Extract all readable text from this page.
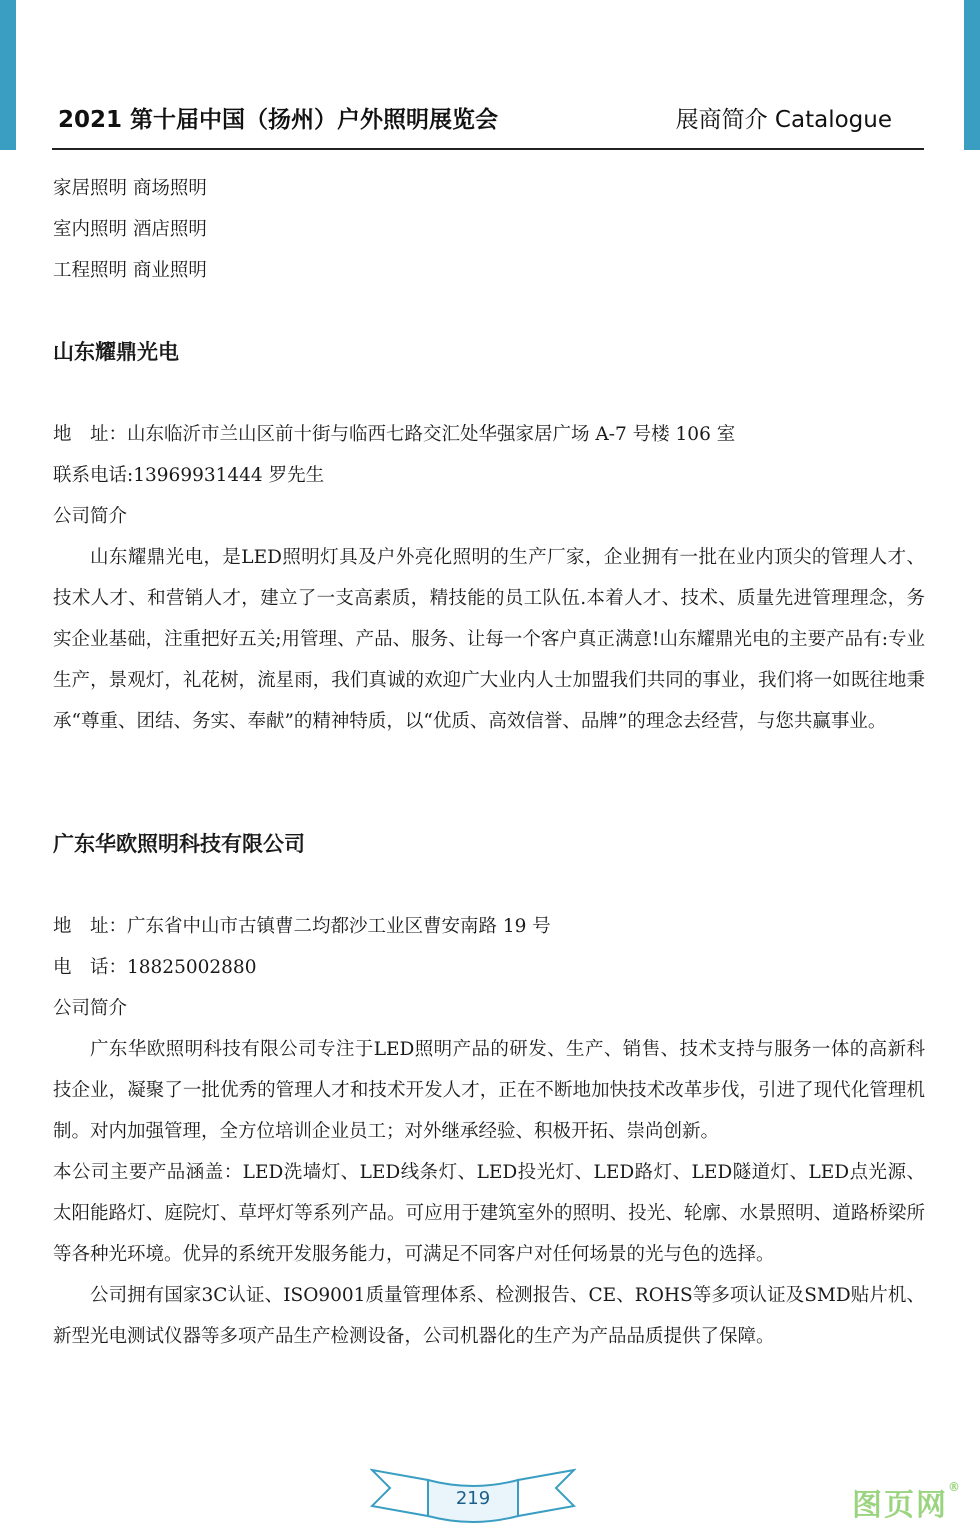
2021 第十届中国（扬州）户外照明展览会	展商简介 Catalogue
家居照明 商场照明
室内照明 酒店照明
工程照明 商业照明
山东耀鼎光电
地　址：山东临沂市兰山区前十街与临西七路交汇处华强家居广场 A-7 号楼 106 室
联系电话:13969931444 罗先生
公司简介

山东耀鼎光电，是LED照明灯具及户外亮化照明的生产厂家，企业拥有一批在业内顶尖的管理人才、技术人才、和营销人才，建立了一支高素质，精技能的员工队伍.本着人才、技术、质量先进管理理念，务实企业基础，注重把好五关;用管理、产品、服务、让每一个客户真正满意!山东耀鼎光电的主要产品有:专业生产，景观灯，礼花树，流星雨，我们真诚的欢迎广大业内人士加盟我们共同的事业，我们将一如既往地秉承“尊重、团结、务实、奉献”的精神特质，以“优质、高效信誉、品牌”的理念去经营，与您共赢事业。

广东华欧照明科技有限公司
地　址：广东省中山市古镇曹二均都沙工业区曹安南路 19 号
电　话：18825002880
公司简介

广东华欧照明科技有限公司专注于LED照明产品的研发、生产、销售、技术支持与服务一体的高新科技企业，凝聚了一批优秀的管理人才和技术开发人才，正在不断地加快技术改革步伐，引进了现代化管理机制。对内加强管理，全方位培训企业员工；对外继承经验、积极开拓、崇尚创新。

本公司主要产品涵盖：LED洗墙灯、LED线条灯、LED投光灯、LED路灯、LED隧道灯、LED点光源、太阳能路灯、庭院灯、草坪灯等系列产品。可应用于建筑室外的照明、投光、轮廓、水景照明、道路桥梁所等各种光环境。优异的系统开发服务能力，可满足不同客户对任何场景的光与色的选择。

公司拥有国家3C认证、ISO9001质量管理体系、检测报告、CE、ROHS等多项认证及SMD贴片机、新型光电测试仪器等多项产品生产检测设备，公司机器化的生产为产品品质提供了保障。

219	图页网®
